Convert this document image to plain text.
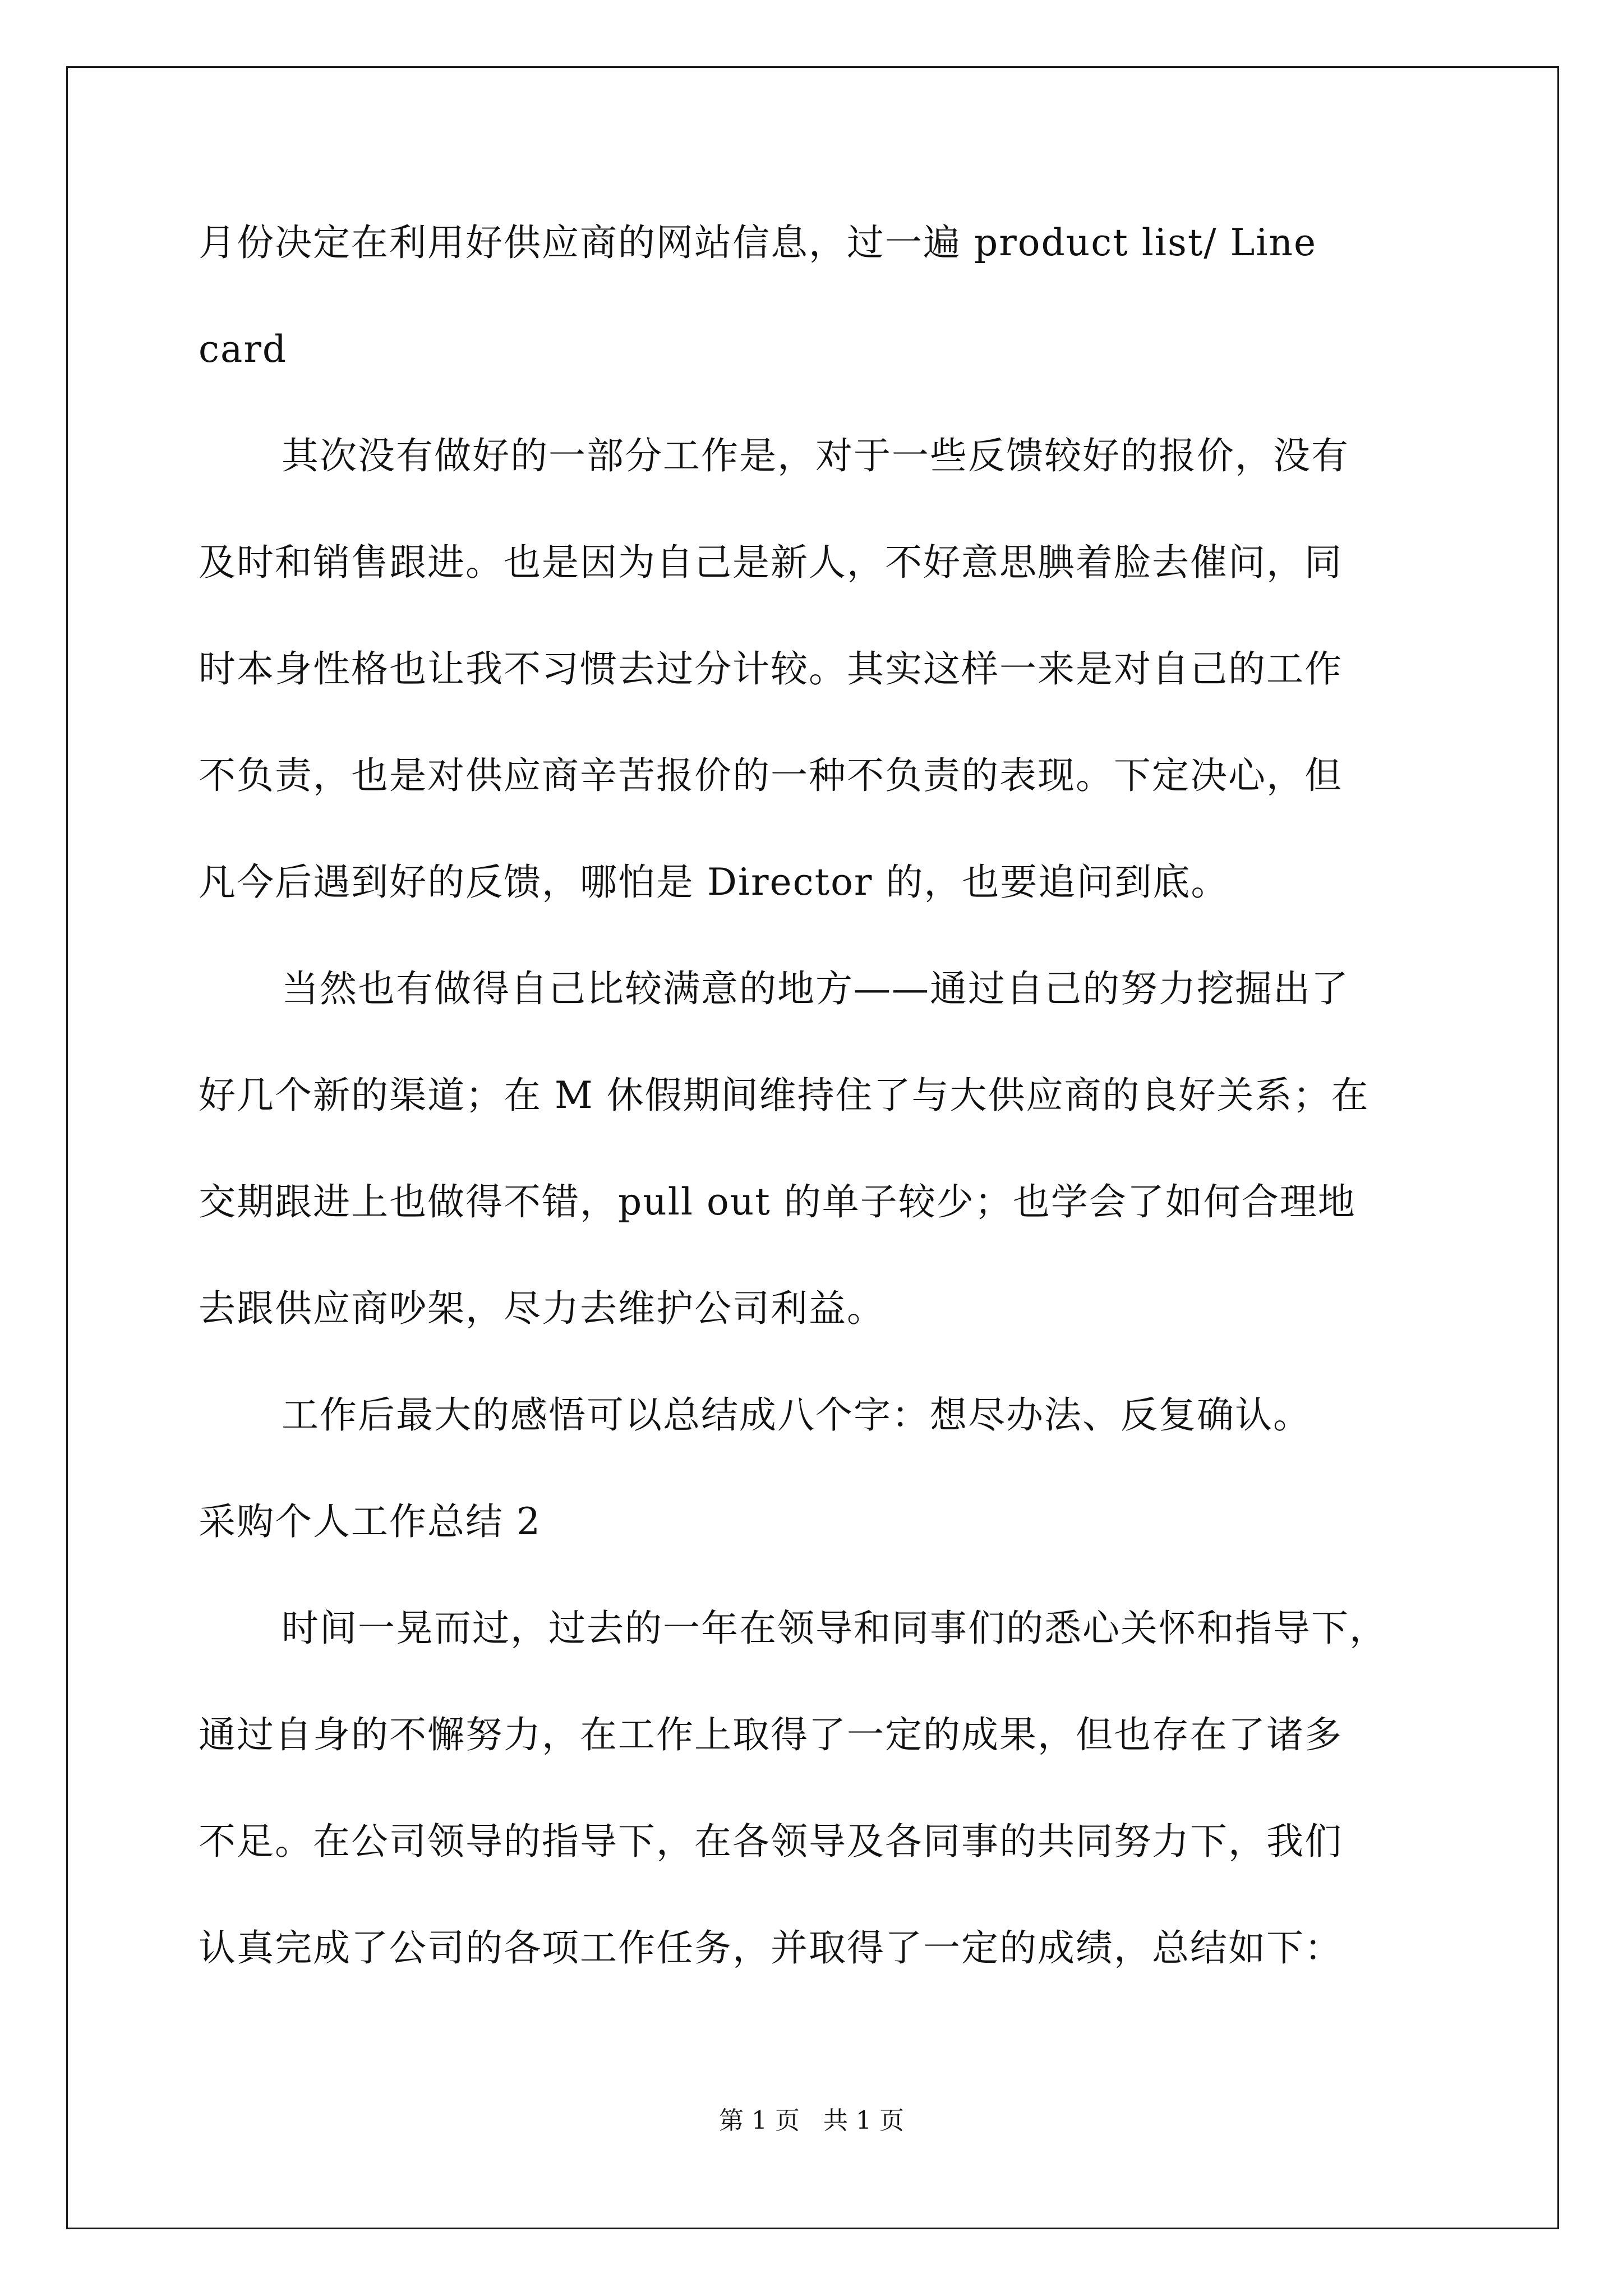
月份决定在利用好供应商的网站信息，过一遍 product list/ Line
card
其次没有做好的一部分工作是，对于一些反馈较好的报价，没有
及时和销售跟进。也是因为自己是新人，不好意思腆着脸去催问，同
时本身性格也让我不习惯去过分计较。其实这样一来是对自己的工作
不负责，也是对供应商辛苦报价的一种不负责的表现。下定决心，但
凡今后遇到好的反馈，哪怕是 Director 的，也要追问到底。
当然也有做得自己比较满意的地方——通过自己的努力挖掘出了
好几个新的渠道；在 M 休假期间维持住了与大供应商的良好关系；在
交期跟进上也做得不错，pull out 的单子较少；也学会了如何合理地
去跟供应商吵架，尽力去维护公司利益。
工作后最大的感悟可以总结成八个字：想尽办法、反复确认。
采购个人工作总结 2
时间一晃而过，过去的一年在领导和同事们的悉心关怀和指导下，
通过自身的不懈努力，在工作上取得了一定的成果，但也存在了诸多
不足。在公司领导的指导下，在各领导及各同事的共同努力下，我们
认真完成了公司的各项工作任务，并取得了一定的成绩，总结如下：
第 1 页   共 1 页
